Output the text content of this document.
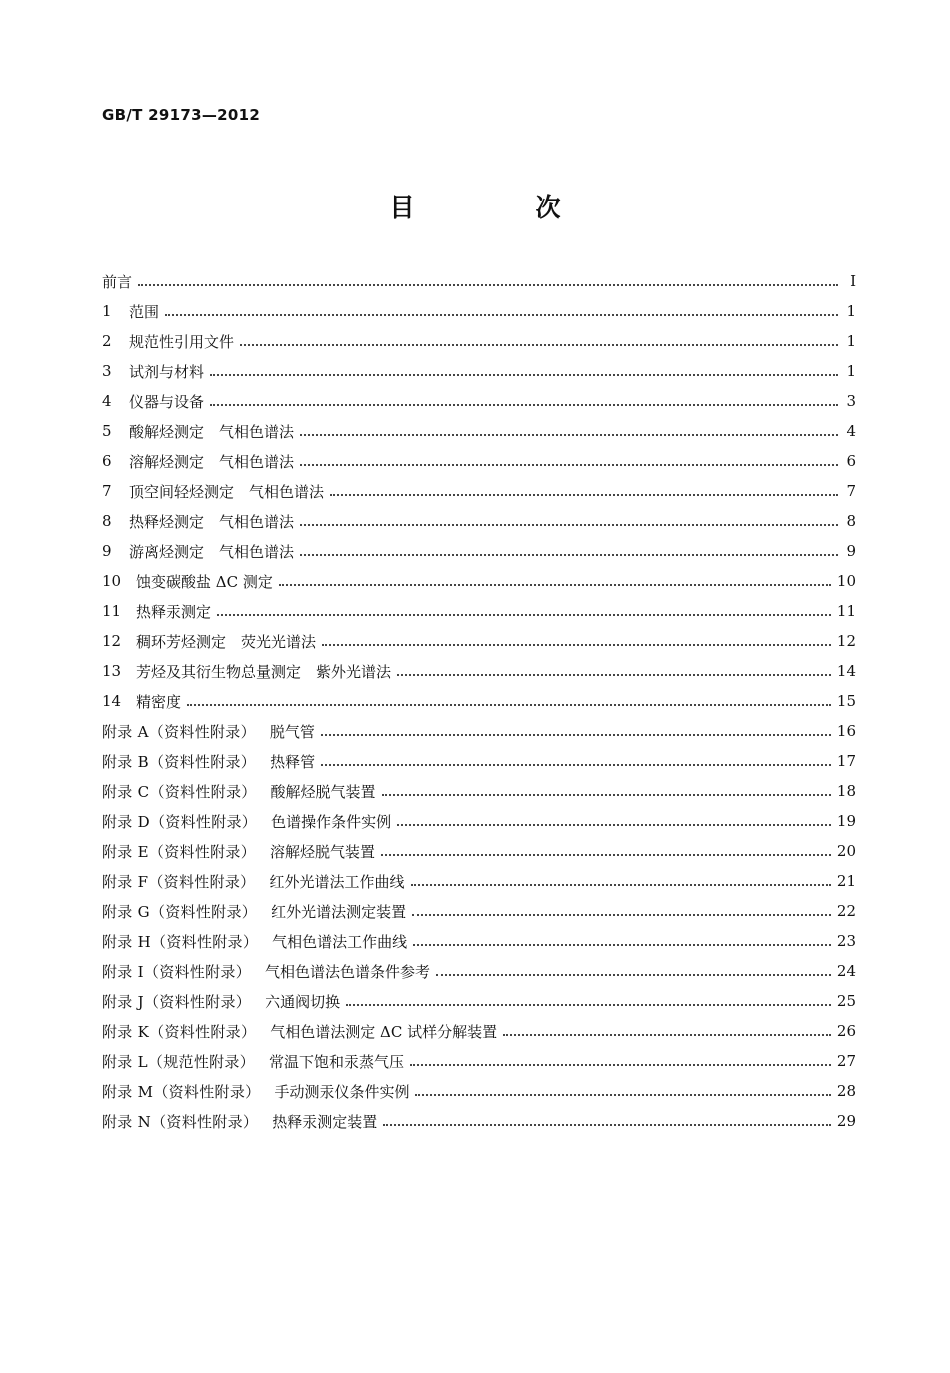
GB/T 29173—2012
目　次
前言	Ⅰ
1	范围	1
2	规范性引用文件	1
3	试剂与材料	1
4	仪器与设备	3
5	酸解烃测定　气相色谱法	4
6	溶解烃测定　气相色谱法	6
7	顶空间轻烃测定　气相色谱法	7
8	热释烃测定　气相色谱法	8
9	游离烃测定　气相色谱法	9
10 蚀变碳酸盐 ΔC 测定	10
11 热释汞测定	11
12 稠环芳烃测定　荧光光谱法	12
13 芳烃及其衍生物总量测定　紫外光谱法	14
14 精密度	15
附录 A（资料性附录） 脱气管	16
附录 B（资料性附录） 热释管	17
附录 C（资料性附录） 酸解烃脱气装置	18
附录 D（资料性附录） 色谱操作条件实例	19
附录 E（资料性附录） 溶解烃脱气装置	20
附录 F（资料性附录） 红外光谱法工作曲线	21
附录 G（资料性附录） 红外光谱法测定装置	22
附录 H（资料性附录） 气相色谱法工作曲线	23
附录 I（资料性附录） 气相色谱法色谱条件参考	24
附录 J（资料性附录） 六通阀切换	25
附录 K（资料性附录） 气相色谱法测定 ΔC 试样分解装置	26
附录 L（规范性附录） 常温下饱和汞蒸气压	27
附录 M（资料性附录） 手动测汞仪条件实例	28
附录 N（资料性附录） 热释汞测定装置	29
